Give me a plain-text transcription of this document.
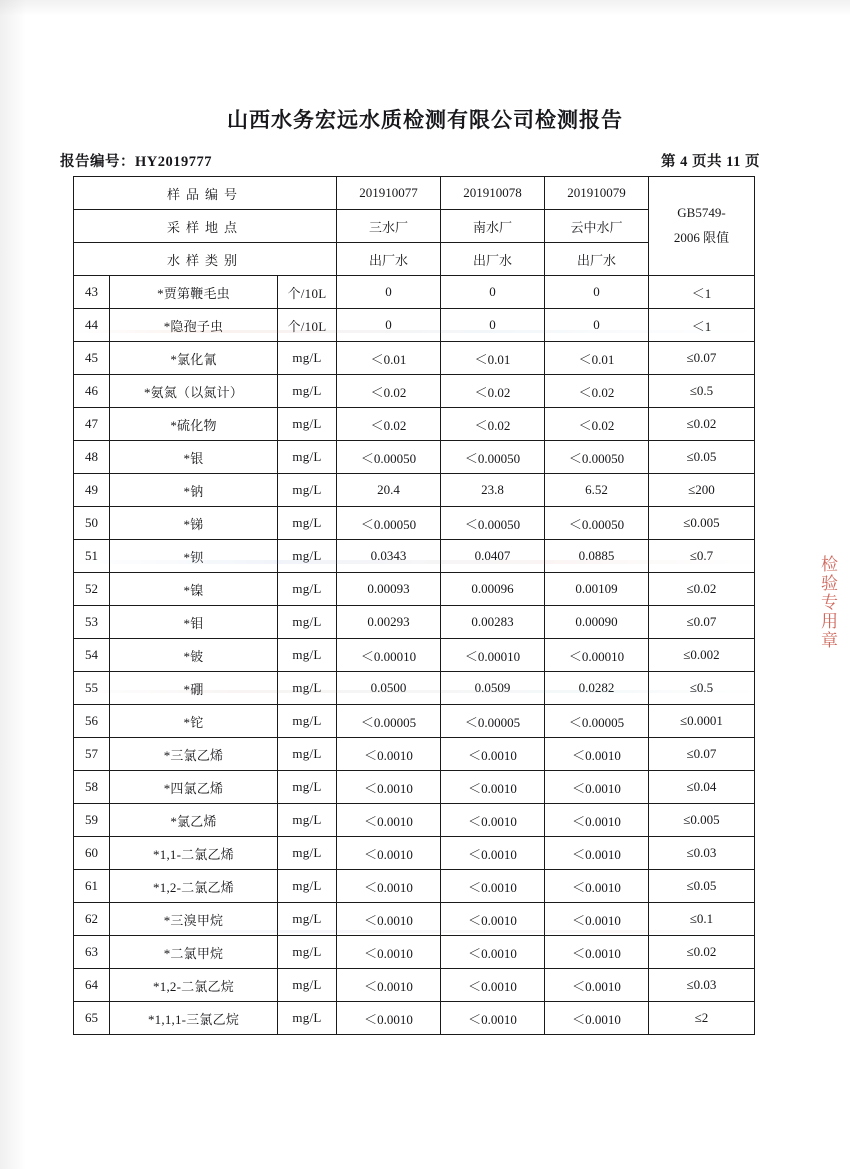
山西水务宏远水质检测有限公司检测报告
报告编号：HY2019777	第 4 页共 11 页
样品编号			201910077	201910078	201910079	GB5749-
2006 限值

采样地点			三水厂	南水厂	云中水厂	
水样类别			出厂水	出厂水	出厂水	
43	*贾第鞭毛虫	个/10L	0	0	0	＜1
44	*隐孢子虫	个/10L	0	0	0	＜1
45	*氯化氰	mg/L	＜0.01	＜0.01	＜0.01	≤0.07
46	*氨氮（以氮计）	mg/L	＜0.02	＜0.02	＜0.02	≤0.5
47	*硫化物	mg/L	＜0.02	＜0.02	＜0.02	≤0.02
48	*银	mg/L	＜0.00050	＜0.00050	＜0.00050	≤0.05
49	*钠	mg/L	20.4	23.8	6.52	≤200
50	*锑	mg/L	＜0.00050	＜0.00050	＜0.00050	≤0.005
51	*钡	mg/L	0.0343	0.0407	0.0885	≤0.7
52	*镍	mg/L	0.00093	0.00096	0.00109	≤0.02
53	*钼	mg/L	0.00293	0.00283	0.00090	≤0.07
54	*铍	mg/L	＜0.00010	＜0.00010	＜0.00010	≤0.002
55	*硼	mg/L	0.0500	0.0509	0.0282	≤0.5
56	*铊	mg/L	＜0.00005	＜0.00005	＜0.00005	≤0.0001
57	*三氯乙烯	mg/L	＜0.0010	＜0.0010	＜0.0010	≤0.07
58	*四氯乙烯	mg/L	＜0.0010	＜0.0010	＜0.0010	≤0.04
59	*氯乙烯	mg/L	＜0.0010	＜0.0010	＜0.0010	≤0.005
60	*1,1-二氯乙烯	mg/L	＜0.0010	＜0.0010	＜0.0010	≤0.03
61	*1,2-二氯乙烯	mg/L	＜0.0010	＜0.0010	＜0.0010	≤0.05
62	*三溴甲烷	mg/L	＜0.0010	＜0.0010	＜0.0010	≤0.1
63	*二氯甲烷	mg/L	＜0.0010	＜0.0010	＜0.0010	≤0.02
64	*1,2-二氯乙烷	mg/L	＜0.0010	＜0.0010	＜0.0010	≤0.03
65	*1,1,1-三氯乙烷	mg/L	＜0.0010	＜0.0010	＜0.0010	≤2
检验专用章
